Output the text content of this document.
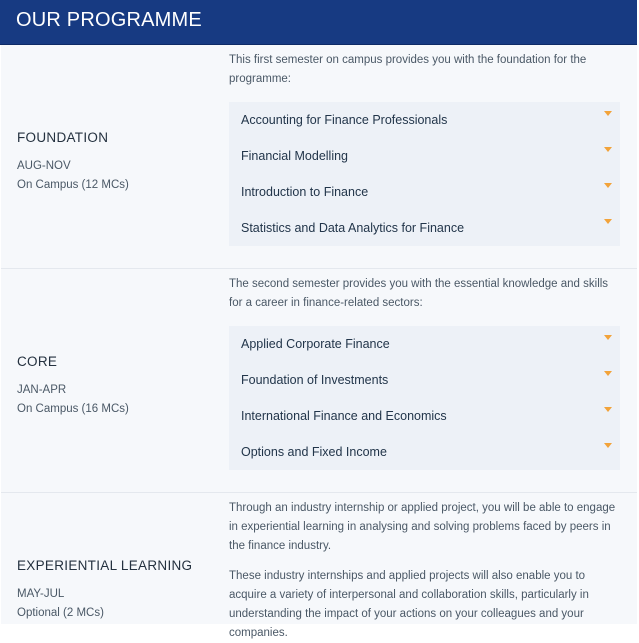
OUR PROGRAMME
FOUNDATION
AUG-NOV
On Campus (12 MCs)
This first semester on campus provides you with the foundation for the programme:
Accounting for Finance Professionals
Financial Modelling
Introduction to Finance
Statistics and Data Analytics for Finance
CORE
JAN-APR
On Campus (16 MCs)
The second semester provides you with the essential knowledge and skills for a career in finance-related sectors:
Applied Corporate Finance
Foundation of Investments
International Finance and Economics
Options and Fixed Income
EXPERIENTIAL LEARNING
MAY-JUL
Optional (2 MCs)
Through an industry internship or applied project, you will be able to engage in experiential learning in analysing and solving problems faced by peers in the finance industry.
These industry internships and applied projects will also enable you to acquire a variety of interpersonal and collaboration skills, particularly in understanding the impact of your actions on your colleagues and your companies.
